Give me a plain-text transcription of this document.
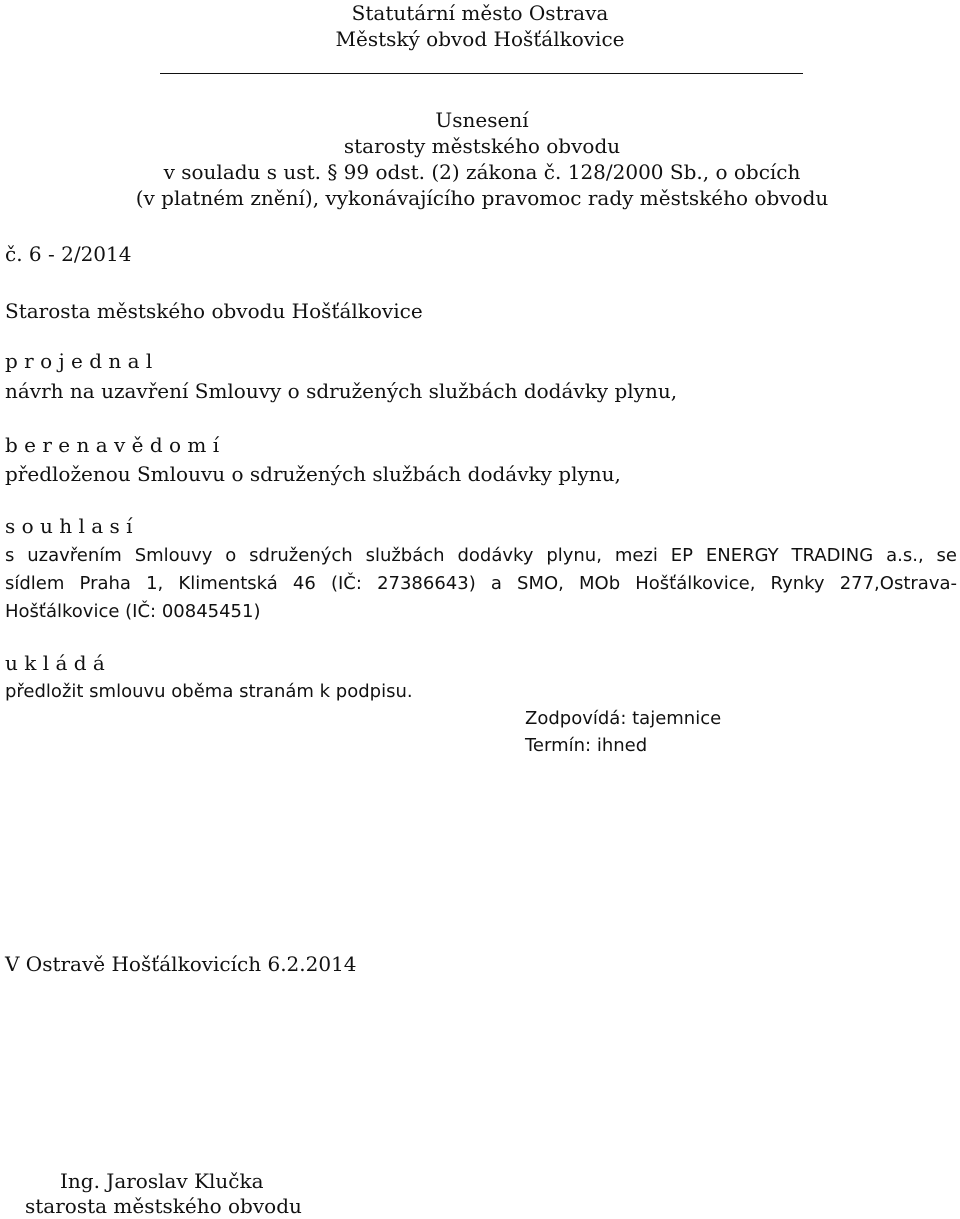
Statutární město Ostrava

Městský obvod Hošťálkovice

Usnesení

starosty městského obvodu

v souladu s ust. § 99 odst. (2) zákona č. 128/2000 Sb., o obcích

(v platném znění), vykonávajícího pravomoc rady městského obvodu

č. 6 - 2/2014

Starosta městského obvodu Hošťálkovice

p r o j e d n a l

návrh na uzavření Smlouvy o sdružených službách dodávky plynu,

b e r e n a v ě d o m í

předloženou Smlouvu o sdružených službách dodávky plynu,

s o u h l a s í

s uzavřením Smlouvy o sdružených službách dodávky plynu, mezi EP ENERGY TRADING a.s., se

sídlem Praha 1, Klimentská 46 (IČ: 27386643) a SMO, MOb Hošťálkovice, Rynky 277,Ostrava-

Hošťálkovice (IČ: 00845451)

u k l á d á

předložit smlouvu oběma stranám k podpisu.

Zodpovídá: tajemnice

Termín: ihned

V Ostravě Hošťálkovicích 6.2.2014

Ing. Jaroslav Klučka

starosta městského obvodu
